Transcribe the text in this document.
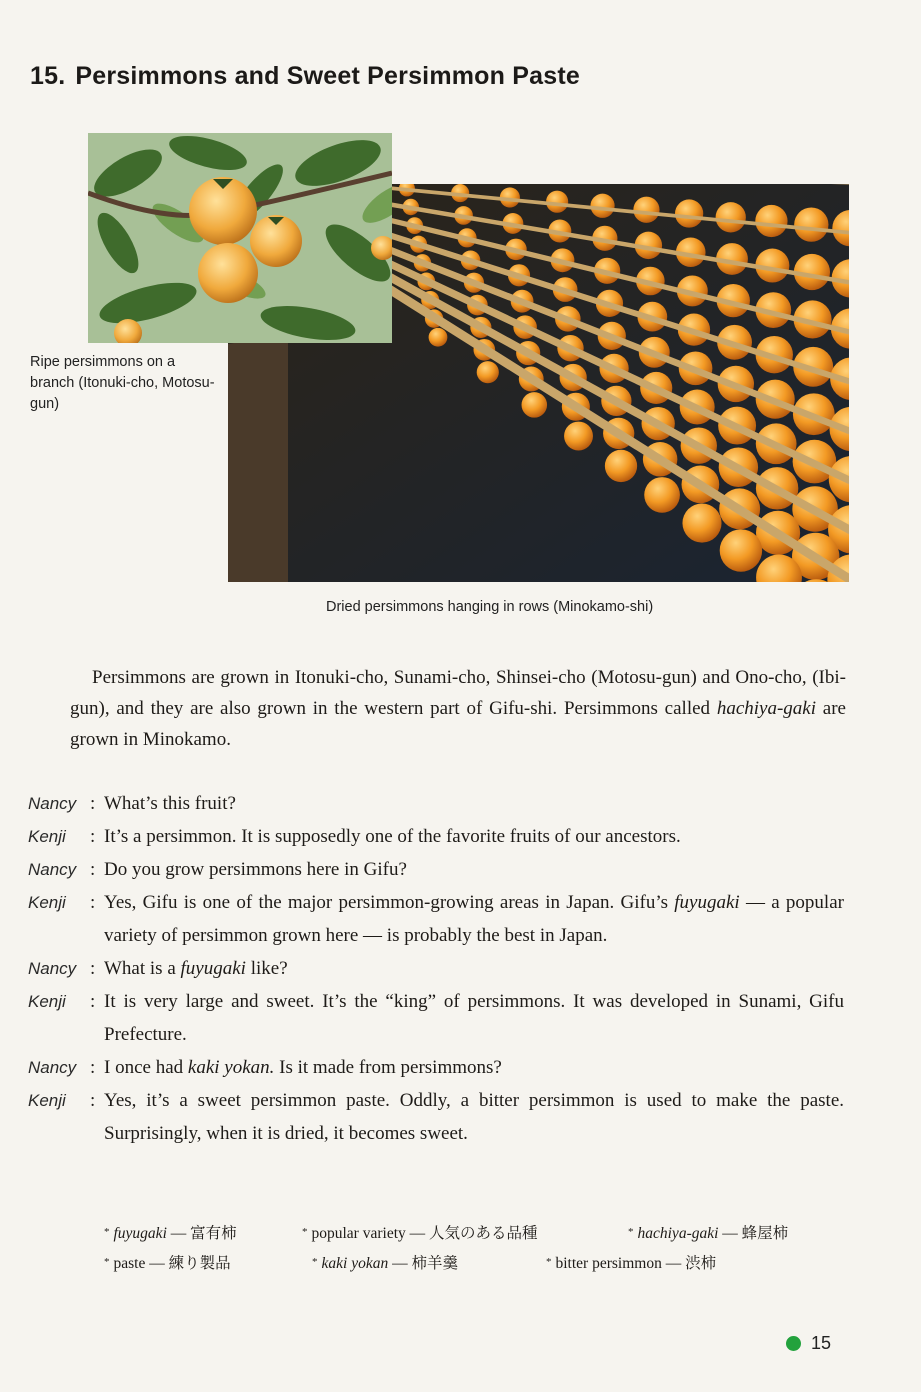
15. Persimmons and Sweet Persimmon Paste
Ripe persimmons on a branch (Itonuki-cho, Motosu-gun)
Dried persimmons hanging in rows (Minokamo-shi)

Persimmons are grown in Itonuki-cho, Sunami-cho, Shinsei-cho (Motosu-gun) and Ono-cho, (Ibi-gun), and they are also grown in the western part of Gifu-shi. Persimmons called hachiya-gaki are grown in Minokamo.

Nancy : What’s this fruit?
Kenji	: It’s a persimmon. It is supposedly one of the favorite fruits of our ancestors.
Nancy : Do you grow persimmons here in Gifu?
Kenji	: Yes, Gifu is one of the major persimmon-growing areas in Japan. Gifu’s fuyugaki — a popular variety of persimmon grown here — is probably the best in Japan.
Nancy : What is a fuyugaki like?
Kenji	: It is very large and sweet. It’s the “king” of persimmons. It was developed in Sunami, Gifu Prefecture.
Nancy : I once had kaki yokan. Is it made from persimmons?
Kenji	: Yes, it’s a sweet persimmon paste. Oddly, a bitter persimmon is used to make the paste. Surprisingly, when it is dried, it becomes sweet.
* fuyugaki — 富有柿	* popular variety — 人気のある品種	* hachiya-gaki — 蜂屋柿
* paste — 練り製品	* kaki yokan — 柿羊羹	* bitter persimmon — 渋柿
15
